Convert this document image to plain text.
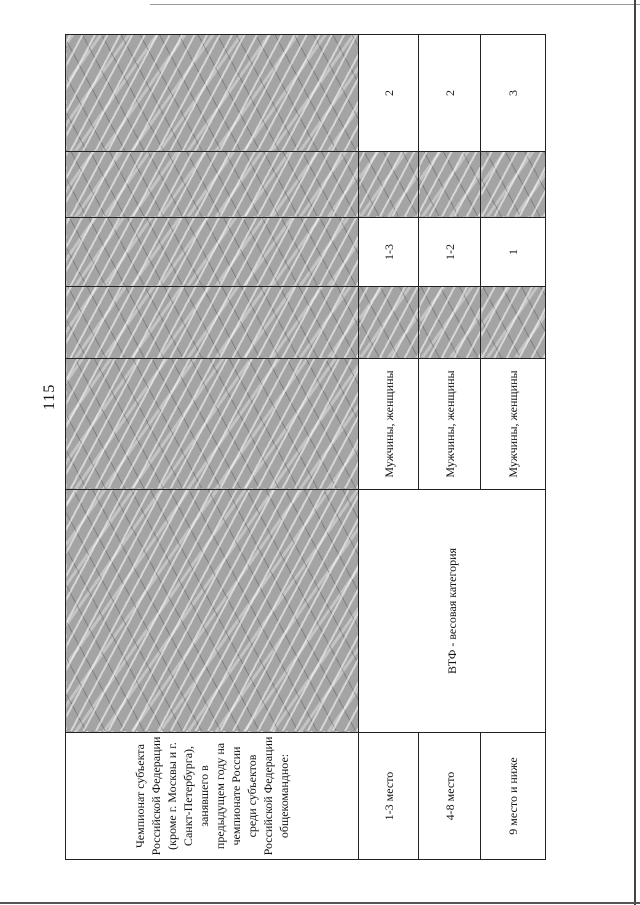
115
Чемпионат субъекта Российской Федерации (кроме г. Москвы и г. Санкт-Петербурга), занявшего в предыдущем году на чемпионате России среди субъектов Российской Федерации общекомандное:						
1-3 место	ВТФ - весовая категория	Мужчины, женщины		1-3		2
4-8 место		Мужчины, женщины		1-2		2
9 место и ниже		Мужчины, женщины		1		3
